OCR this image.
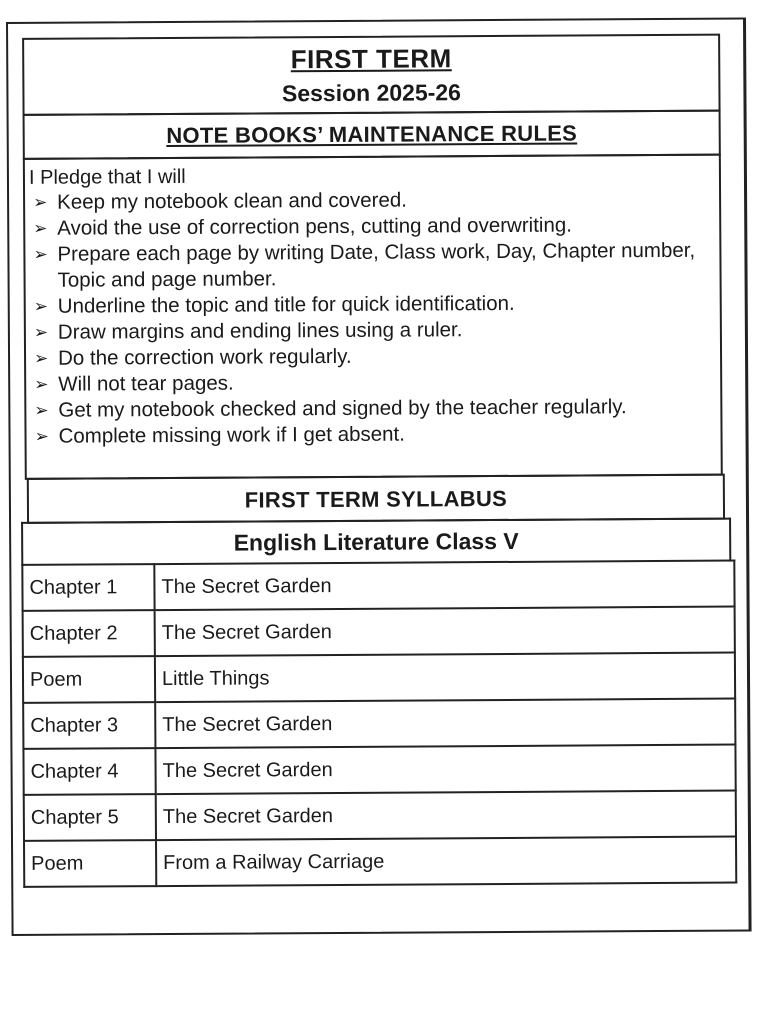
FIRST TERM
Session 2025-26
NOTE BOOKS’ MAINTENANCE RULES

I Pledge that I will

➢ Keep my notebook clean and covered.
➢ Avoid the use of correction pens, cutting and overwriting.
➢ Prepare each page by writing Date, Class work, Day, Chapter number, Topic and page number.
➢ Underline the topic and title for quick identification.
➢ Draw margins and ending lines using a ruler.
➢ Do the correction work regularly.
➢ Will not tear pages.
➢ Get my notebook checked and signed by the teacher regularly.
➢ Complete missing work if I get absent.
FIRST TERM SYLLABUS
English Literature Class V
Chapter 1	The Secret Garden
Chapter 2	The Secret Garden
Poem	Little Things
Chapter 3	The Secret Garden
Chapter 4	The Secret Garden
Chapter 5	The Secret Garden
Poem	From a Railway Carriage
